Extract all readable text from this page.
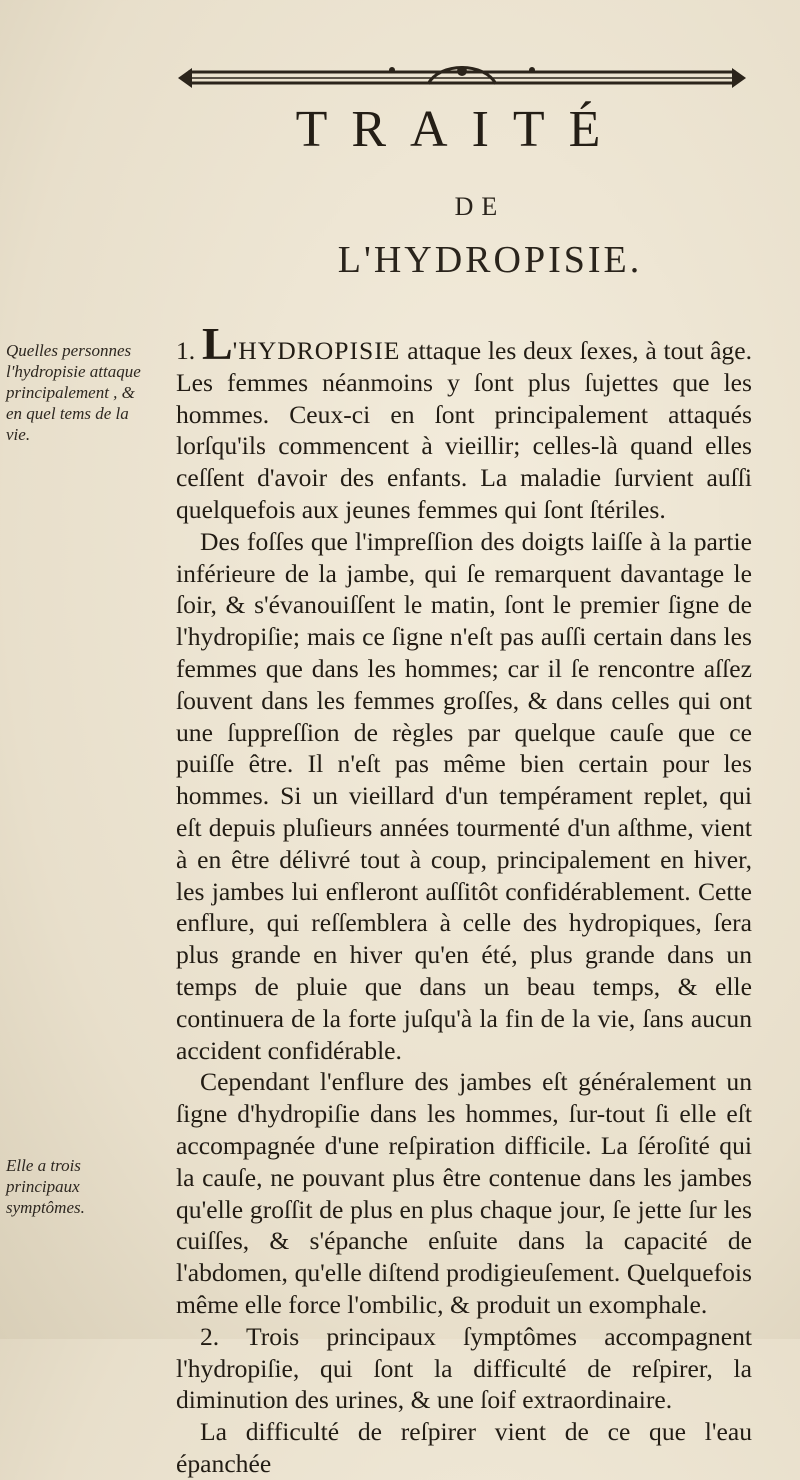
TRAITÉ
DE
L'HYDROPISIE.
Quelles personnes l'hydropisie attaque principalement , & en quel tems de la vie.
Elle a trois principaux symptômes.

1. L'HYDROPISIE attaque les deux ſexes, à tout âge. Les femmes néanmoins y ſont plus ſujettes que les hommes. Ceux-ci en ſont principalement attaqués lorſqu'ils commencent à vieillir; celles-là quand elles ceſſent d'avoir des enfants. La maladie ſurvient auſſi quelquefois aux jeunes femmes qui ſont ſtériles.

Des foſſes que l'impreſſion des doigts laiſſe à la partie inférieure de la jambe, qui ſe remarquent davantage le ſoir, & s'évanouiſſent le matin, ſont le premier ſigne de l'hydropiſie; mais ce ſigne n'eſt pas auſſi certain dans les femmes que dans les hommes; car il ſe rencontre aſſez ſouvent dans les femmes groſſes, & dans celles qui ont une ſuppreſſion de règles par quelque cauſe que ce puiſſe être. Il n'eſt pas même bien certain pour les hommes. Si un vieillard d'un tempérament replet, qui eſt depuis pluſieurs années tourmenté d'un aſthme, vient à en être délivré tout à coup, principalement en hiver, les jambes lui enfleront auſſitôt confidérablement. Cette enflure, qui reſſemblera à celle des hydropiques, ſera plus grande en hiver qu'en été, plus grande dans un temps de pluie que dans un beau temps, & elle continuera de la forte juſqu'à la fin de la vie, ſans aucun accident confidérable.

Cependant l'enflure des jambes eſt généralement un ſigne d'hydropiſie dans les hommes, ſur-tout ſi elle eſt accompagnée d'une reſpiration difficile. La ſéroſité qui la cauſe, ne pouvant plus être contenue dans les jambes qu'elle groſſit de plus en plus chaque jour, ſe jette ſur les cuiſſes, & s'épanche enſuite dans la capacité de l'abdomen, qu'elle diſtend prodigieuſement. Quelquefois même elle force l'ombilic, & produit un exomphale.

2. Trois principaux ſymptômes accompagnent l'hydropiſie, qui ſont la difficulté de reſpirer, la diminution des urines, & une ſoif extraordinaire.

La difficulté de reſpirer vient de ce que l'eau épanchée
